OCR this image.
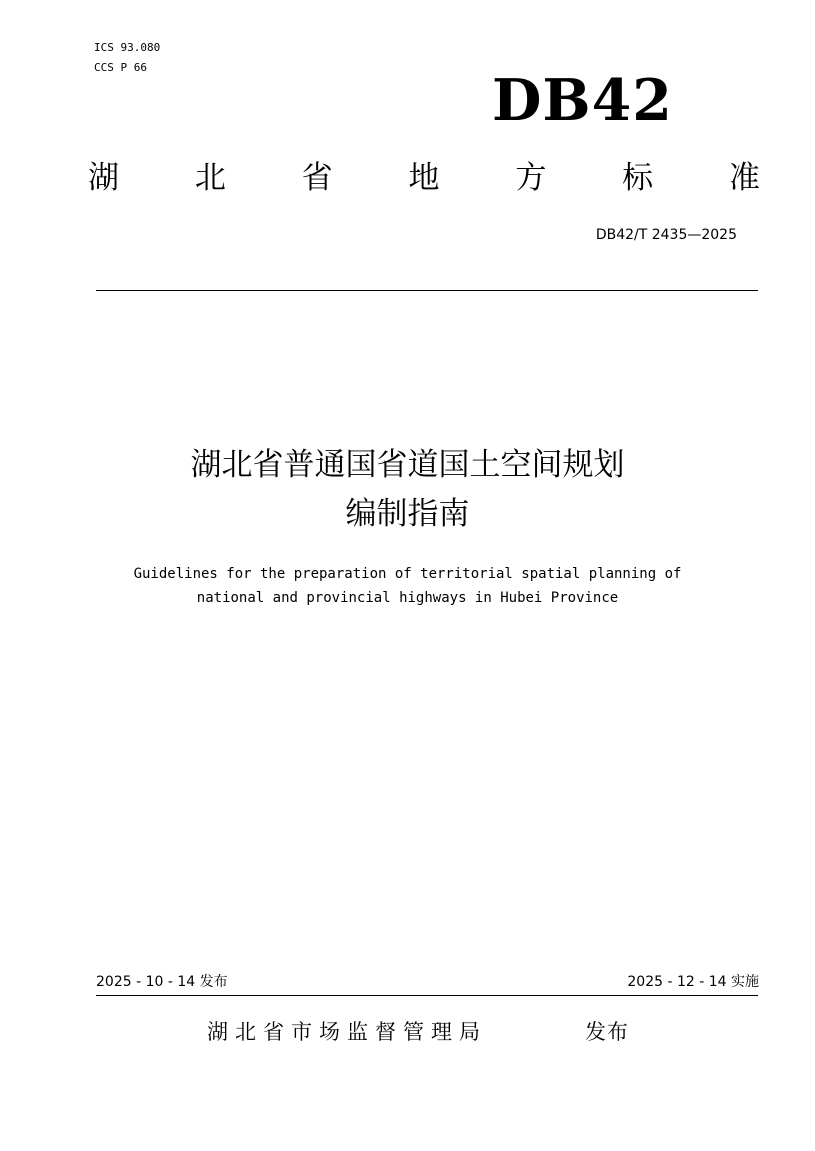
ICS 93.080
CCS P 66	DB42
湖 北 省 地 方 标 准
DB42/T 2435—2025
湖北省普通国省道国土空间规划
编制指南
Guidelines for the preparation of territorial spatial planning of
national and provincial highways in Hubei Province
2025 - 10 - 14 发布	2025 - 12 - 14 实施
湖北省市场监督管理局	发布
